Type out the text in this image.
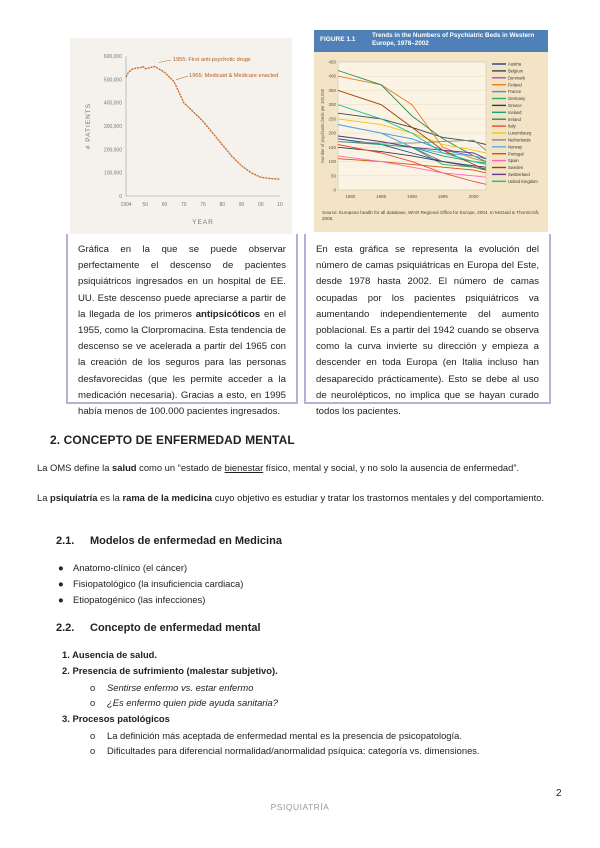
0
100,000
200,000
300,000
400,000
500,000
600,000
1904 50	60	70	75	80	90	00	10
YEAR
# PATIENTS
1955: First anti-psychotic drugs
1965: Medicaid & Medicare enacted
FIGURE 1.1
Trends in the Numbers of Psychiatric Beds in Western Europe, 1978–2002
0
50
100
150
200
250
300
350
400
450
1980	1985	1990	1995	2000
Number of psychiatric beds per 100,000
Austria
Belgium
Denmark
Finland
France
Germany
Greece
Iceland
Ireland
Italy
Luxembourg
Netherlands
Norway
Portugal
Spain
Sweden
Switzerland
United Kingdom
Source: European health for all database, WHO Regional Office for Europe, 2004. In McDaid & Thornicroft, 2005.
Gráfica en la que se puede observar perfectamente el descenso de pacientes psiquiátricos ingresados en un hospital de EE. UU. Este descenso puede apreciarse a partir de la llegada de los primeros antipsicóticos en el 1955, como la Clorpromacina. Esta tendencia de descenso se ve acelerada a partir del 1965 con la creación de los seguros para las personas desfavorecidas (que les permite acceder a la medicación necesaria). Gracias a esto, en 1995 había menos de 100.000 pacientes ingresados.
En esta gráfica se representa la evolución del número de camas psiquiátricas en Europa del Este, desde 1978 hasta 2002. El número de camas ocupadas por los pacientes psiquiátricos va aumentando independientemente del aumento poblacional. Es a partir del 1942 cuando se observa como la curva invierte su dirección y empieza a descender en toda Europa (en Italia incluso han desaparecido prácticamente). Esto se debe al uso de neurolépticos, no implica que se hayan curado todos los pacientes.
2. CONCEPTO DE ENFERMEDAD MENTAL
La OMS define la salud como un “estado de bienestar físico, mental y social, y no solo la ausencia de enfermedad”.
La psiquiatría es la rama de la medicina cuyo objetivo es estudiar y tratar los trastornos mentales y del comportamiento.
2.1. Modelos de enfermedad en Medicina
● Anatomo-clínico (el cáncer)
● Fisiopatológico (la insuficiencia cardiaca)
● Etiopatogénico (las infecciones)
2.2. Concepto de enfermedad mental
1. Ausencia de salud.
2. Presencia de sufrimiento (malestar subjetivo).
o Sentirse enfermo vs. estar enfermo
o ¿Es enfermo quien pide ayuda sanitaria?
3. Procesos patológicos
o La definición más aceptada de enfermedad mental es la presencia de psicopatología.
o Dificultades para diferencial normalidad/anormalidad psíquica: categoría vs. dimensiones.
2
PSIQUIATRÍA
